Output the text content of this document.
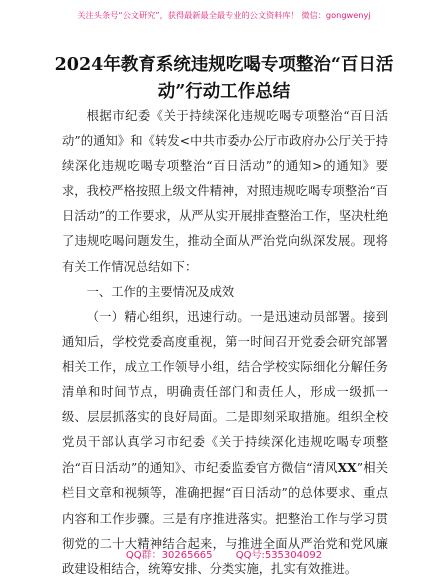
关注头条号“公文研究”，获得最新最全最专业的公文资料库！ 微信：gongwenyj
2024年教育系统违规吃喝专项整治“百日活动”行动工作总结

根据市纪委《关于持续深化违规吃喝专项整治“百日活动”的通知》和《转发<中共市委办公厅市政府办公厅关于持续深化违规吃喝专项整治“百日活动”的通知>的通知》要求，我校严格按照上级文件精神，对照违规吃喝专项整治“百日活动”的工作要求，从严从实开展排查整治工作，坚决杜绝了违规吃喝问题发生，推动全面从严治党向纵深发展。现将有关工作情况总结如下：

一、工作的主要情况及成效

（一）精心组织，迅速行动。一是迅速动员部署。接到通知后，学校党委高度重视，第一时间召开党委会研究部署相关工作，成立工作领导小组，结合学校实际细化分解任务清单和时间节点，明确责任部门和责任人，形成一级抓一级、层层抓落实的良好局面。二是即刻采取措施。组织全校党员干部认真学习市纪委《关于持续深化违规吃喝专项整治“百日活动”的通知》、市纪委监委官方微信“清风XX”相关栏目文章和视频等，准确把握“百日活动”的总体要求、重点内容和工作步骤。三是有序推进落实。把整治工作与学习贯彻党的二十大精神结合起来，与推进全面从严治党和党风廉政建设相结合，统筹安排、分类实施，扎实有效推进。

QQ群：30265665 QQ号:535304092
